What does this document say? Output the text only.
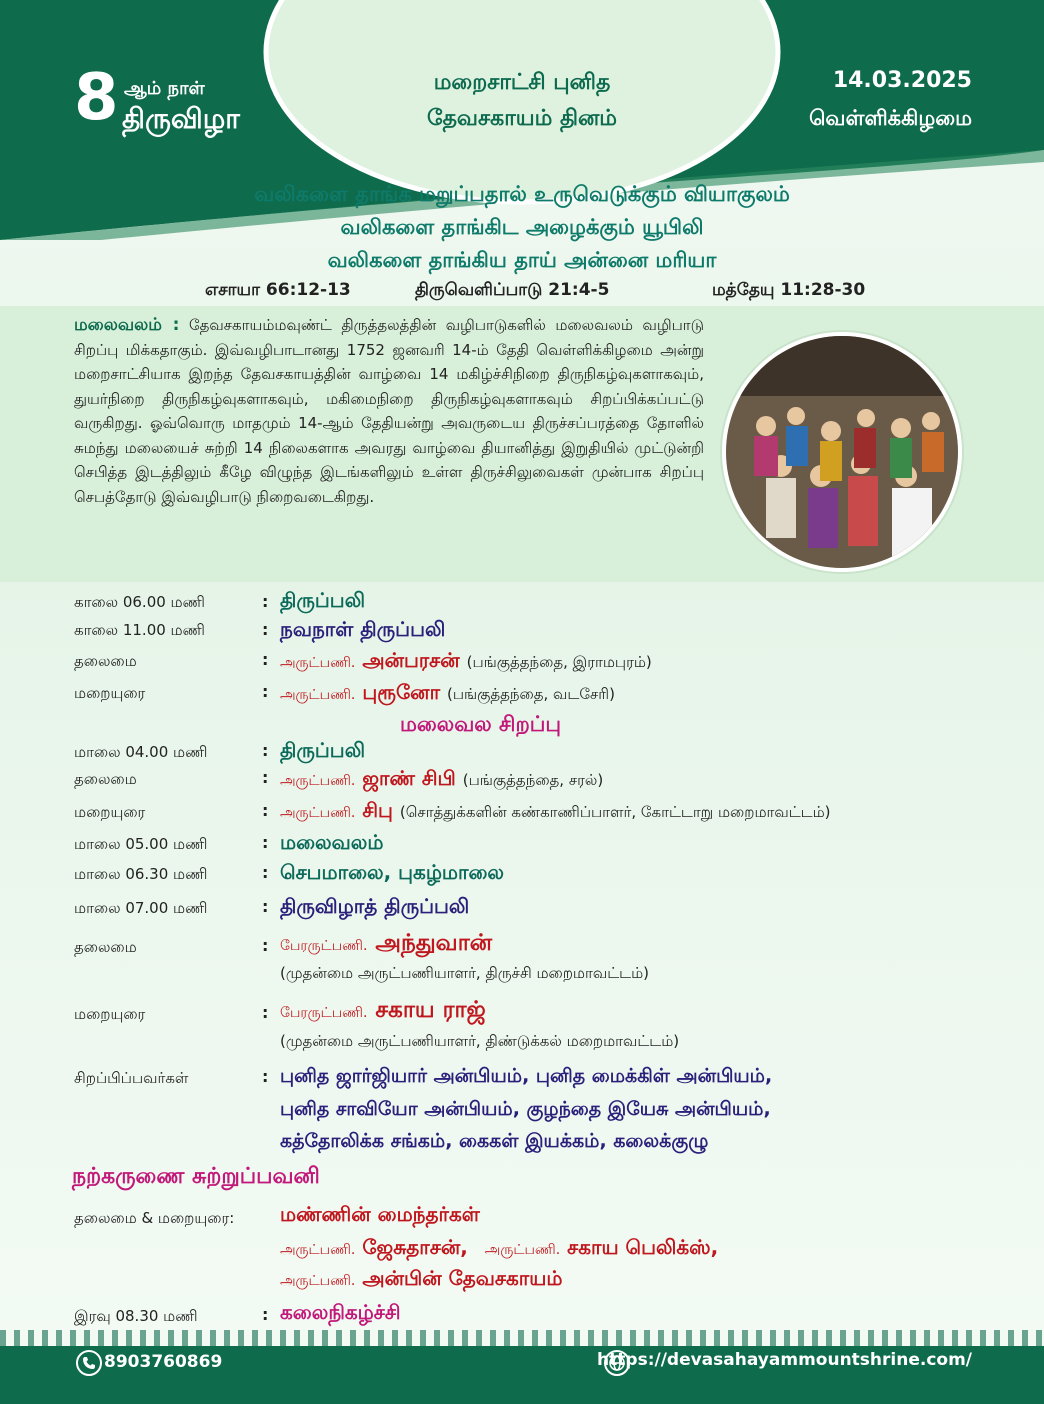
8 ஆம் நாள்
திருவிழா
மறைசாட்சி புனித
தேவசகாயம் தினம்
14.03.2025
வெள்ளிக்கிழமை
வலிகளை தாங்க மறுப்பதால் உருவெடுக்கும் வியாகுலம்
வலிகளை தாங்கிட அழைக்கும் யூபிலி
வலிகளை தாங்கிய தாய் அன்னை மரியா
எசாயா 66:12-13	திருவெளிப்பாடு 21:4-5	மத்தேயு 11:28-30
மலைவலம் : தேவசகாயம்மவுண்ட் திருத்தலத்தின் வழிபாடுகளில் மலைவலம் வழிபாடு சிறப்பு மிக்கதாகும். இவ்வழிபாடானது 1752 ஜனவரி 14-ம் தேதி வெள்ளிக்கிழமை அன்று மறைசாட்சியாக இறந்த தேவசகாயத்தின் வாழ்வை 14 மகிழ்ச்சிநிறை திருநிகழ்வுகளாகவும், துயர்நிறை திருநிகழ்வுகளாகவும், மகிமைநிறை திருநிகழ்வுகளாகவும் சிறப்பிக்கப்பட்டு வருகிறது. ஓவ்வொரு மாதமும் 14-ஆம் தேதியன்று அவருடைய திருச்சப்பரத்தை தோளில் சுமந்து மலையைச் சுற்றி 14 நிலைகளாக அவரது வாழ்வை தியானித்து இறுதியில் முட்டுன்றி செபித்த இடத்திலும் கீழே விழுந்த இடங்களிலும் உள்ள திருச்சிலுவைகள் முன்பாக சிறப்பு செபத்தோடு இவ்வழிபாடு நிறைவடைகிறது.
காலை 06.00 மணி	: திருப்பலி
காலை 11.00 மணி	: நவநாள் திருப்பலி
தலைமை	: அருட்பணி. அன்பரசன் (பங்குத்தந்தை, இராமபுரம்)
மறையுரை	: அருட்பணி. புரூனோ (பங்குத்தந்தை, வடசேரி)
மலைவல சிறப்பு
மாலை 04.00 மணி	: திருப்பலி
தலைமை	: அருட்பணி. ஜாண் சிபி (பங்குத்தந்தை, சரல்)
மறையுரை	: அருட்பணி. சிபு (சொத்துக்களின் கண்காணிப்பாளர், கோட்டாறு மறைமாவட்டம்)
மாலை 05.00 மணி	: மலைவலம்
மாலை 06.30 மணி	: செபமாலை, புகழ்மாலை
மாலை 07.00 மணி	: திருவிழாத் திருப்பலி
தலைமை	: பேரருட்பணி. அந்துவான்
(முதன்மை அருட்பணியாளர், திருச்சி மறைமாவட்டம்)
மறையுரை	: பேரருட்பணி. சகாய ராஜ்
(முதன்மை அருட்பணியாளர், திண்டுக்கல் மறைமாவட்டம்)
சிறப்பிப்பவர்கள்	: புனித ஜார்ஜியார் அன்பியம், புனித மைக்கிள் அன்பியம்,
புனித சாவியோ அன்பியம், குழந்தை இயேசு அன்பியம்,
கத்தோலிக்க சங்கம், கைகள் இயக்கம், கலைக்குழு
நற்கருணை சுற்றுப்பவனி
தலைமை & மறையுரை: மண்ணின் மைந்தர்கள்
அருட்பணி. ஜேசுதாசன், அருட்பணி. சகாய பெலிக்ஸ்,
அருட்பணி. அன்பின் தேவசகாயம்
இரவு 08.30 மணி	: கலைநிகழ்ச்சி
8903760869	https://devasahayammountshrine.com/
